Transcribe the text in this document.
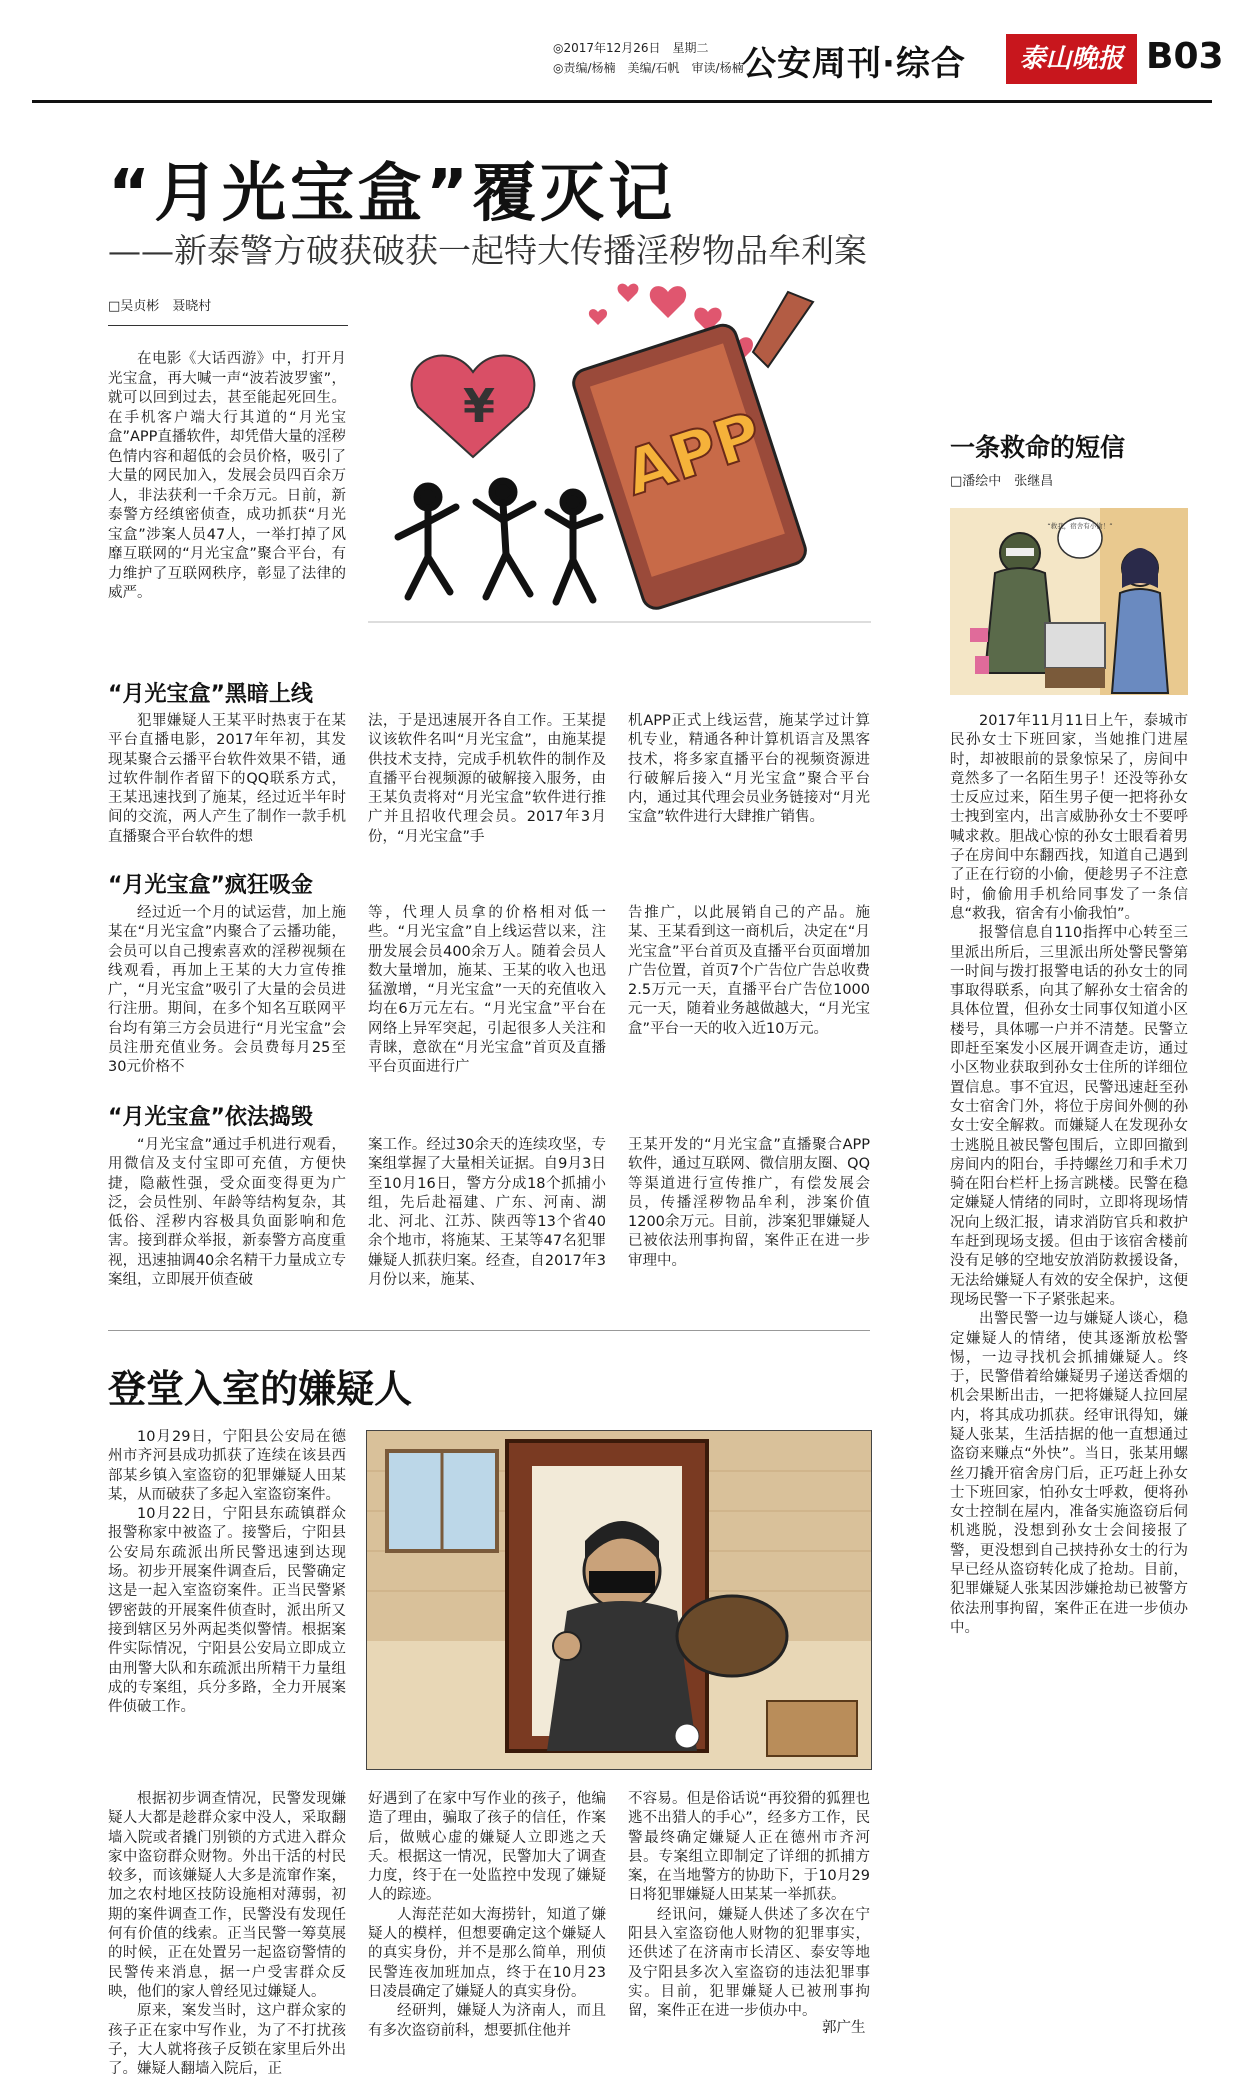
◎2017年12月26日　星期二
◎责编/杨楠　美编/石帆　审读/杨楠
公安周刊·综合	泰山晚报 B03
“月光宝盒”覆灭记
——新泰警方破获破获一起特大传播淫秽物品牟利案
□吴贞彬　聂晓村

在电影《大话西游》中，打开月光宝盒，再大喊一声“波若波罗蜜”，就可以回到过去，甚至能起死回生。在手机客户端大行其道的“月光宝盒”APP直播软件，却凭借大量的淫秽色情内容和超低的会员价格，吸引了大量的网民加入，发展会员四百余万人，非法获利一千余万元。日前，新泰警方经缜密侦查，成功抓获“月光宝盒”涉案人员47人，一举打掉了风靡互联网的“月光宝盒”聚合平台，有力维护了互联网秩序，彰显了法律的威严。

¥ APP
“月光宝盒”黑暗上线

犯罪嫌疑人王某平时热衷于在某平台直播电影，2017年年初，其发现某聚合云播平台软件效果不错，通过软件制作者留下的QQ联系方式，王某迅速找到了施某，经过近半年时间的交流，两人产生了制作一款手机直播聚合平台软件的想

法，于是迅速展开各自工作。王某提议该软件名叫“月光宝盒”，由施某提供技术支持，完成手机软件的制作及直播平台视频源的破解接入服务，由王某负责将对“月光宝盒”软件进行推广并且招收代理会员。2017年3月份，“月光宝盒”手

机APP正式上线运营，施某学过计算机专业，精通各种计算机语言及黑客技术，将多家直播平台的视频资源进行破解后接入“月光宝盒”聚合平台内，通过其代理会员业务链接对“月光宝盒”软件进行大肆推广销售。

“月光宝盒”疯狂吸金

经过近一个月的试运营，加上施某在“月光宝盒”内聚合了云播功能，会员可以自己搜索喜欢的淫秽视频在线观看，再加上王某的大力宣传推广，“月光宝盒”吸引了大量的会员进行注册。期间，在多个知名互联网平台均有第三方会员进行“月光宝盒”会员注册充值业务。会员费每月25至30元价格不

等，代理人员拿的价格相对低一些。“月光宝盒”自上线运营以来，注册发展会员400余万人。随着会员人数大量增加，施某、王某的收入也迅猛激增，“月光宝盒”一天的充值收入均在6万元左右。“月光宝盒”平台在网络上异军突起，引起很多人关注和青睐，意欲在“月光宝盒”首页及直播平台页面进行广

告推广，以此展销自己的产品。施某、王某看到这一商机后，决定在“月光宝盒”平台首页及直播平台页面增加广告位置，首页7个广告位广告总收费2.5万元一天，直播平台广告位1000元一天，随着业务越做越大，“月光宝盒”平台一天的收入近10万元。

“月光宝盒”依法捣毁

“月光宝盒”通过手机进行观看，用微信及支付宝即可充值，方便快捷，隐蔽性强，受众面变得更为广泛，会员性别、年龄等结构复杂，其低俗、淫秽内容极具负面影响和危害。接到群众举报，新泰警方高度重视，迅速抽调40余名精干力量成立专案组，立即展开侦查破

案工作。经过30余天的连续攻坚，专案组掌握了大量相关证据。自9月3日至10月16日，警方分成18个抓捕小组，先后赴福建、广东、河南、湖北、河北、江苏、陕西等13个省40余个地市，将施某、王某等47名犯罪嫌疑人抓获归案。经查，自2017年3月份以来，施某、

王某开发的“月光宝盒”直播聚合APP软件，通过互联网、微信朋友圈、QQ等渠道进行宣传推广，有偿发展会员，传播淫秽物品牟利，涉案价值1200余万元。目前，涉案犯罪嫌疑人已被依法刑事拘留，案件正在进一步审理中。

登堂入室的嫌疑人

10月29日，宁阳县公安局在德州市齐河县成功抓获了连续在该县西部某乡镇入室盗窃的犯罪嫌疑人田某某，从而破获了多起入室盗窃案件。

10月22日，宁阳县东疏镇群众报警称家中被盗了。接警后，宁阳县公安局东疏派出所民警迅速到达现场。初步开展案件调查后，民警确定这是一起入室盗窃案件。正当民警紧锣密鼓的开展案件侦查时，派出所又接到辖区另外两起类似警情。根据案件实际情况，宁阳县公安局立即成立由刑警大队和东疏派出所精干力量组成的专案组，兵分多路，全力开展案件侦破工作。

根据初步调查情况，民警发现嫌疑人大都是趁群众家中没人，采取翻墙入院或者撬门别锁的方式进入群众家中盗窃群众财物。外出干活的村民较多，而该嫌疑人大多是流窜作案，加之农村地区技防设施相对薄弱，初期的案件调查工作，民警没有发现任何有价值的线索。正当民警一筹莫展的时候，正在处置另一起盗窃警情的民警传来消息，据一户受害群众反映，他们的家人曾经见过嫌疑人。

原来，案发当时，这户群众家的孩子正在家中写作业，为了不打扰孩子，大人就将孩子反锁在家里后外出了。嫌疑人翻墙入院后，正

好遇到了在家中写作业的孩子，他编造了理由，骗取了孩子的信任，作案后，做贼心虚的嫌疑人立即逃之夭夭。根据这一情况，民警加大了调查力度，终于在一处监控中发现了嫌疑人的踪迹。

人海茫茫如大海捞针，知道了嫌疑人的模样，但想要确定这个嫌疑人的真实身份，并不是那么简单，刑侦民警连夜加班加点，终于在10月23日凌晨确定了嫌疑人的真实身份。

经研判，嫌疑人为济南人，而且有多次盗窃前科，想要抓住他并

不容易。但是俗话说“再狡猾的狐狸也逃不出猎人的手心”，经多方工作，民警最终确定嫌疑人正在德州市齐河县。专案组立即制定了详细的抓捕方案，在当地警方的协助下，于10月29日将犯罪嫌疑人田某某一举抓获。

经讯问，嫌疑人供述了多次在宁阳县入室盗窃他人财物的犯罪事实，还供述了在济南市长清区、泰安等地及宁阳县多次入室盗窃的违法犯罪事实。目前，犯罪嫌疑人已被刑事拘留，案件正在进一步侦办中。

郭广生
一条救命的短信
□潘绘中　张继昌
“救我，宿舍有小偷！”

2017年11月11日上午，泰城市民孙女士下班回家，当她推门进屋时，却被眼前的景象惊呆了，房间中竟然多了一名陌生男子！还没等孙女士反应过来，陌生男子便一把将孙女士拽到室内，出言威胁孙女士不要呼喊求救。胆战心惊的孙女士眼看着男子在房间中东翻西找，知道自己遇到了正在行窃的小偷，便趁男子不注意时，偷偷用手机给同事发了一条信息“救我，宿舍有小偷我怕”。

报警信息自110指挥中心转至三里派出所后，三里派出所处警民警第一时间与拨打报警电话的孙女士的同事取得联系，向其了解孙女士宿舍的具体位置，但孙女士同事仅知道小区楼号，具体哪一户并不清楚。民警立即赶至案发小区展开调查走访，通过小区物业获取到孙女士住所的详细位置信息。事不宜迟，民警迅速赶至孙女士宿舍门外，将位于房间外侧的孙女士安全解救。而嫌疑人在发现孙女士逃脱且被民警包围后，立即回撤到房间内的阳台，手持螺丝刀和手术刀骑在阳台栏杆上扬言跳楼。民警在稳定嫌疑人情绪的同时，立即将现场情况向上级汇报，请求消防官兵和救护车赶到现场支援。但由于该宿舍楼前没有足够的空地安放消防救援设备，无法给嫌疑人有效的安全保护，这便现场民警一下子紧张起来。

出警民警一边与嫌疑人谈心，稳定嫌疑人的情绪，使其逐渐放松警惕，一边寻找机会抓捕嫌疑人。终于，民警借着给嫌疑男子递送香烟的机会果断出击，一把将嫌疑人拉回屋内，将其成功抓获。经审讯得知，嫌疑人张某，生活拮据的他一直想通过盗窃来赚点“外快”。当日，张某用螺丝刀撬开宿舍房门后，正巧赶上孙女士下班回家，怕孙女士呼救，便将孙女士控制在屋内，准备实施盗窃后伺机逃脱，没想到孙女士会间接报了警，更没想到自己挟持孙女士的行为早已经从盗窃转化成了抢劫。目前，犯罪嫌疑人张某因涉嫌抢劫已被警方依法刑事拘留，案件正在进一步侦办中。
